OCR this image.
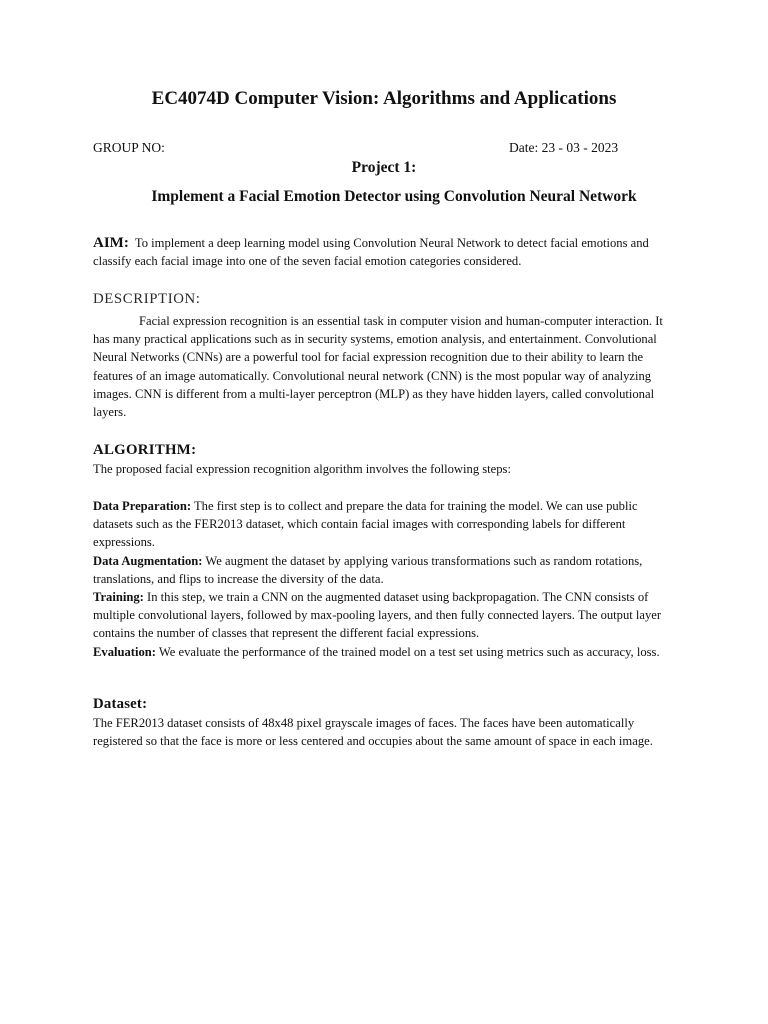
EC4074D Computer Vision: Algorithms and Applications
GROUP NO:	Date: 23 - 03 - 2023
Project 1:
Implement a Facial Emotion Detector using Convolution Neural Network
AIM: To implement a deep learning model using Convolution Neural Network to detect facial emotions and classify each facial image into one of the seven facial emotion categories considered.
DESCRIPTION:
Facial expression recognition is an essential task in computer vision and human-computer interaction. It has many practical applications such as in security systems, emotion analysis, and entertainment. Convolutional Neural Networks (CNNs) are a powerful tool for facial expression recognition due to their ability to learn the features of an image automatically. Convolutional neural network (CNN) is the most popular way of analyzing images. CNN is different from a multi-layer perceptron (MLP) as they have hidden layers, called convolutional layers.
ALGORITHM:
The proposed facial expression recognition algorithm involves the following steps:
Data Preparation: The first step is to collect and prepare the data for training the model. We can use public datasets such as the FER2013 dataset, which contain facial images with corresponding labels for different expressions.
Data Augmentation: We augment the dataset by applying various transformations such as random rotations, translations, and flips to increase the diversity of the data.
Training: In this step, we train a CNN on the augmented dataset using backpropagation. The CNN consists of multiple convolutional layers, followed by max-pooling layers, and then fully connected layers. The output layer contains the number of classes that represent the different facial expressions.
Evaluation: We evaluate the performance of the trained model on a test set using metrics such as accuracy, loss.
Dataset:
The FER2013 dataset consists of 48x48 pixel grayscale images of faces. The faces have been automatically registered so that the face is more or less centered and occupies about the same amount of space in each image.
